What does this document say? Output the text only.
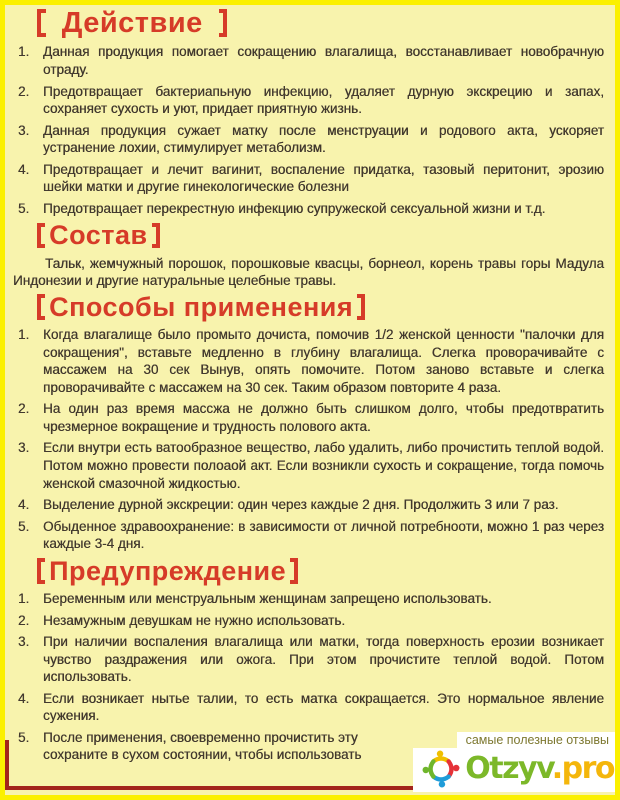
Действие
1.	Данная продукция помогает сокращению влагалища, восстанавливает новобрачную отраду.
2.	Предотвращает бактериапьную инфекцию, удаляет дурную экскрецию и запах, сохраняет сухость и уют, придает приятную жизнь.
3.	Данная продукция сужает матку после менструации и родового акта, ускоряет устранение лохии, стимулирует метаболизм.
4.	Предотвращает и лечит вагинит, воспаление придатка, тазовый перитонит, эрозию шейки матки и другие гинекологические болезни
5.	Предотвращает перекрестную инфекцию супружеской сексуальной жизни и т.д.
Состав

Тальк, жемчужный порошок, порошковые квасцы, борнеол, корень травы горы Мадула Индонезии и другие натуральные целебные травы.

Способы применения
1.	Когда влагалище было промыто дочиста, помочив 1/2 женской ценности "палочки для сокращения", вставьте медленно в глубину влагалища. Слегка проворачивайте с массажем на 30 сек Вынув, опять помочите. Потом заново вставьте и слегка проворачивайте с массажем на 30 сек. Таким образом повторите 4 раза.
2.	На один раз время массжа не должно быть слишком долго, чтобы предотвратить чрезмерное вокращение и трудность полового акта.
3.	Если внутри есть ватообразное вещество, лабо удалить, либо прочистить теплой водой. Потом можно провести полоаой акт. Если возникли сухость и сокращение, тогда помочь женской смазочной жидкостью.
4.	Выделение дурной экскреции: один через каждые 2 дня. Продолжить 3 или 7 раз.
5.	Обыденное здравоохранение: в зависимости от личной потребнооти, можно 1 раз через каждые 3-4 дня.
Предупреждение
1.	Беременным или менструальным женщинам запрещено использовать.
2.	Незамужным девушкам не нужно использовать.
3.	При наличии воспаления влагалища или матки, тогда поверхность ерозии возникает чувство раздражения или ожога. При этом прочистите теплой водой. Потом использовать.
4.	Если возникает нытье талии, то есть матка сокращается. Это нормальное явление сужения.
5.	После применения, своевременно прочистить эту
сохраните в сухом состоянии, чтобы использовать
самые полезные отзывы
Otzyv.pro
